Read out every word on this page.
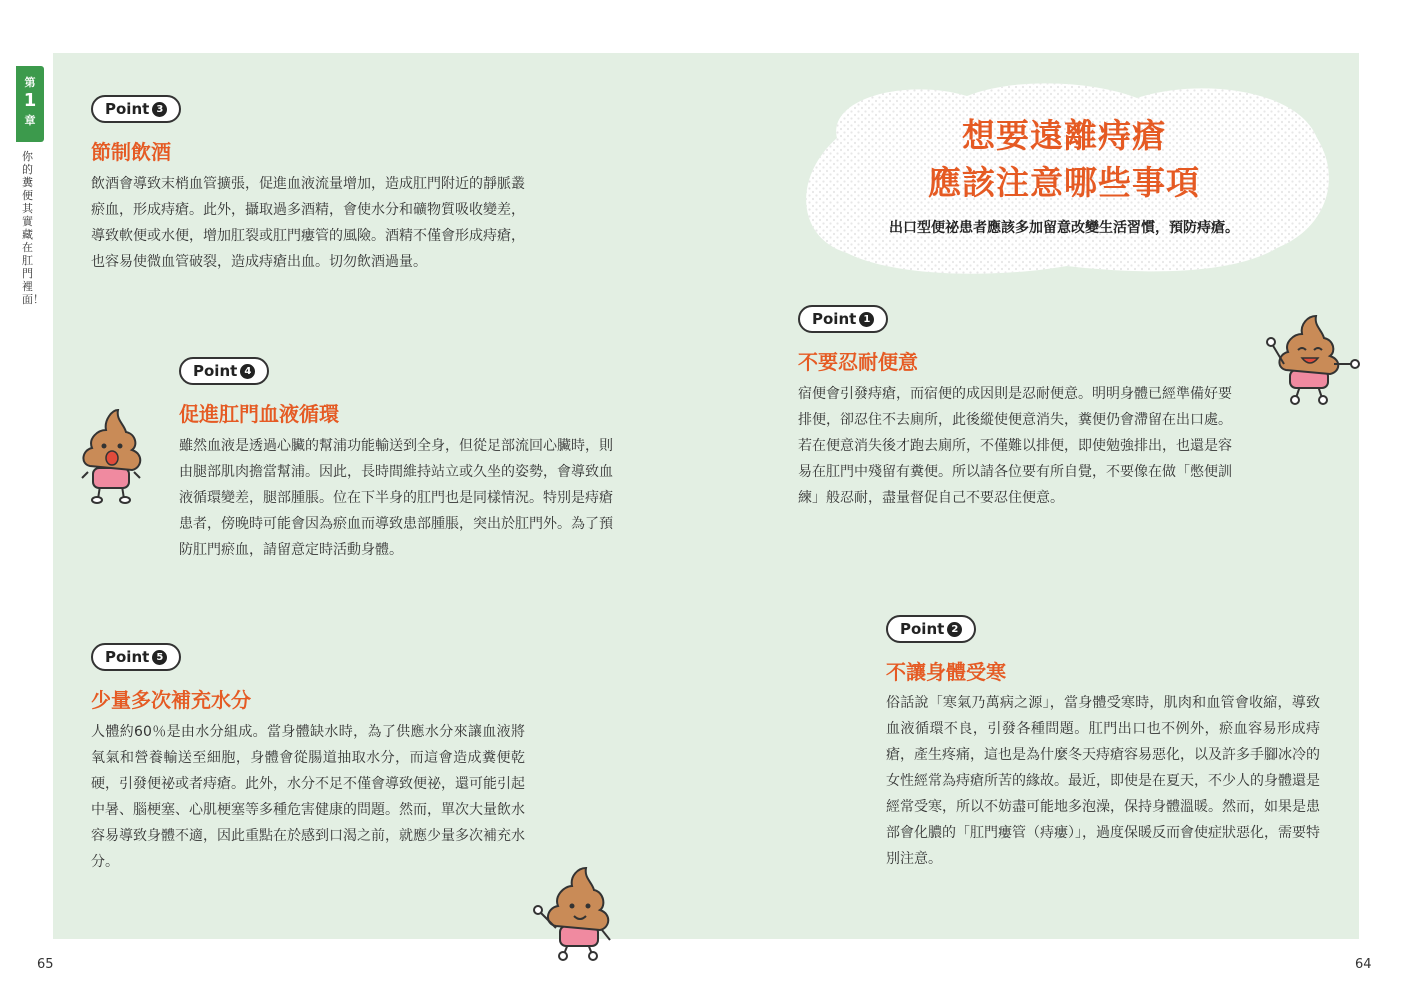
第
1
章
你的糞便其實藏在肛門裡面！
想要遠離痔瘡
應該注意哪些事項
出口型便祕患者應該多加留意改變生活習慣，預防痔瘡。
Point 3
節制飲酒
飲酒會導致末梢血管擴張，促進血液流量增加，造成肛門附近的靜脈叢瘀血，形成痔瘡。此外，攝取過多酒精，會使水分和礦物質吸收變差，導致軟便或水便，增加肛裂或肛門瘻管的風險。酒精不僅會形成痔瘡，也容易使微血管破裂，造成痔瘡出血。切勿飲酒過量。
Point 4
促進肛門血液循環
雖然血液是透過心臟的幫浦功能輸送到全身，但從足部流回心臟時，則由腿部肌肉擔當幫浦。因此，長時間維持站立或久坐的姿勢，會導致血液循環變差，腿部腫脹。位在下半身的肛門也是同樣情況。特別是痔瘡患者，傍晚時可能會因為瘀血而導致患部腫脹，突出於肛門外。為了預防肛門瘀血，請留意定時活動身體。
Point 5
少量多次補充水分
人體約60％是由水分組成。當身體缺水時，為了供應水分來讓血液將氧氣和營養輸送至細胞，身體會從腸道抽取水分，而這會造成糞便乾硬，引發便祕或者痔瘡。此外，水分不足不僅會導致便祕，還可能引起中暑、腦梗塞、心肌梗塞等多種危害健康的問題。然而，單次大量飲水容易導致身體不適，因此重點在於感到口渴之前，就應少量多次補充水分。
Point 1
不要忍耐便意
宿便會引發痔瘡，而宿便的成因則是忍耐便意。明明身體已經準備好要排便，卻忍住不去廁所，此後縱使便意消失，糞便仍會滯留在出口處。若在便意消失後才跑去廁所，不僅難以排便，即使勉強排出，也還是容易在肛門中殘留有糞便。所以請各位要有所自覺，不要像在做「憋便訓練」般忍耐，盡量督促自己不要忍住便意。
Point 2
不讓身體受寒
俗話說「寒氣乃萬病之源」，當身體受寒時，肌肉和血管會收縮，導致血液循環不良，引發各種問題。肛門出口也不例外，瘀血容易形成痔瘡，產生疼痛，這也是為什麼冬天痔瘡容易惡化，以及許多手腳冰冷的女性經常為痔瘡所苦的緣故。最近，即使是在夏天，不少人的身體還是經常受寒，所以不妨盡可能地多泡澡，保持身體溫暖。然而，如果是患部會化膿的「肛門瘻管（痔瘻）」，過度保暖反而會使症狀惡化，需要特別注意。
65	64
